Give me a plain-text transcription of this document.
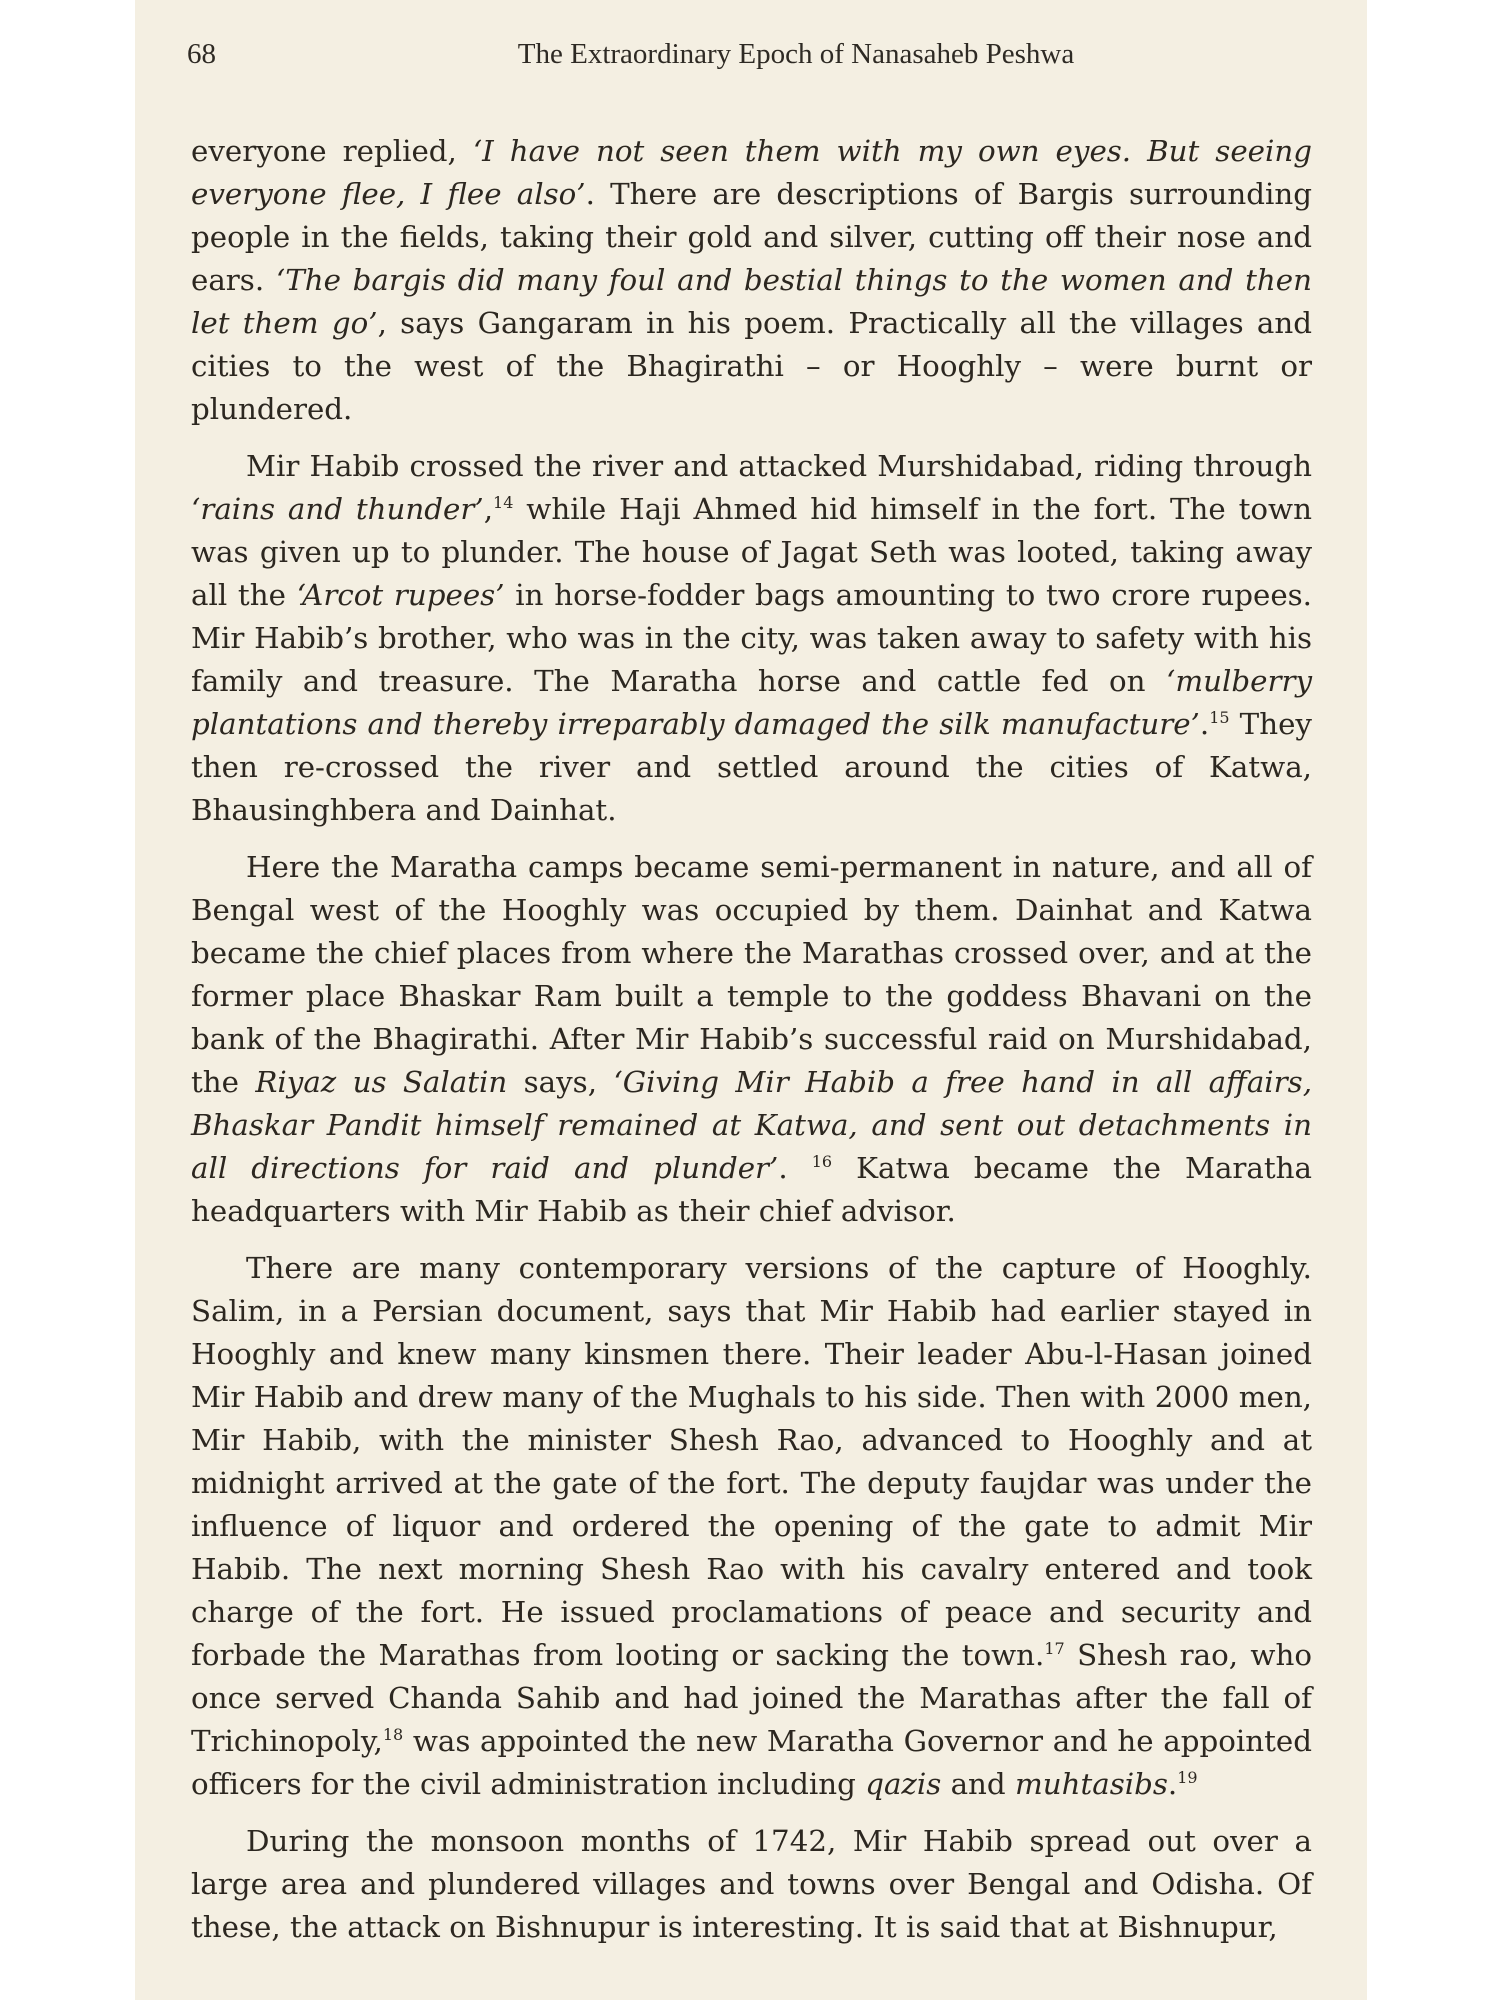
68	The Extraordinary Epoch of Nanasaheb Peshwa

everyone replied, ‘I have not seen them with my own eyes. But seeing everyone flee, I flee also’. There are descriptions of Bargis surrounding people in the fields, taking their gold and silver, cutting off their nose and ears. ‘The bargis did many foul and bestial things to the women and then let them go’, says Gangaram in his poem. Practically all the villages and cities to the west of the Bhagirathi – or Hooghly – were burnt or plundered.

Mir Habib crossed the river and attacked Murshidabad, riding through ‘rains and thunder’,$^{14}$ while Haji Ahmed hid himself in the fort. The town was given up to plunder. The house of Jagat Seth was looted, taking away all the ‘Arcot rupees’ in horse-fodder bags amounting to two crore rupees. Mir Habib’s brother, who was in the city, was taken away to safety with his family and treasure. The Maratha horse and cattle fed on ‘mulberry plantations and thereby irreparably damaged the silk manufacture’.$^{15}$ They then re-crossed the river and settled around the cities of Katwa, Bhausinghbera and Dainhat.

Here the Maratha camps became semi-permanent in nature, and all of Bengal west of the Hooghly was occupied by them. Dainhat and Katwa became the chief places from where the Marathas crossed over, and at the former place Bhaskar Ram built a temple to the goddess Bhavani on the bank of the Bhagirathi. After Mir Habib’s successful raid on Murshidabad, the Riyaz us Salatin says, ‘Giving Mir Habib a free hand in all affairs, Bhaskar Pandit himself remained at Katwa, and sent out detachments in all directions for raid and plunder’. $^{16}$ Katwa became the Maratha headquarters with Mir Habib as their chief advisor.

There are many contemporary versions of the capture of Hooghly. Salim, in a Persian document, says that Mir Habib had earlier stayed in Hooghly and knew many kinsmen there. Their leader Abu-l-Hasan joined Mir Habib and drew many of the Mughals to his side. Then with 2000 men, Mir Habib, with the minister Shesh Rao, advanced to Hooghly and at midnight arrived at the gate of the fort. The deputy faujdar was under the influence of liquor and ordered the opening of the gate to admit Mir Habib. The next morning Shesh Rao with his cavalry entered and took charge of the fort. He issued proclamations of peace and security and forbade the Marathas from looting or sacking the town.$^{17}$ Shesh rao, who once served Chanda Sahib and had joined the Marathas after the fall of Trichinopoly,$^{18}$ was appointed the new Maratha Governor and he appointed officers for the civil administration including qazis and muhtasibs.$^{19}$

During the monsoon months of 1742, Mir Habib spread out over a large area and plundered villages and towns over Bengal and Odisha. Of these, the attack on Bishnupur is interesting. It is said that at Bishnupur,
